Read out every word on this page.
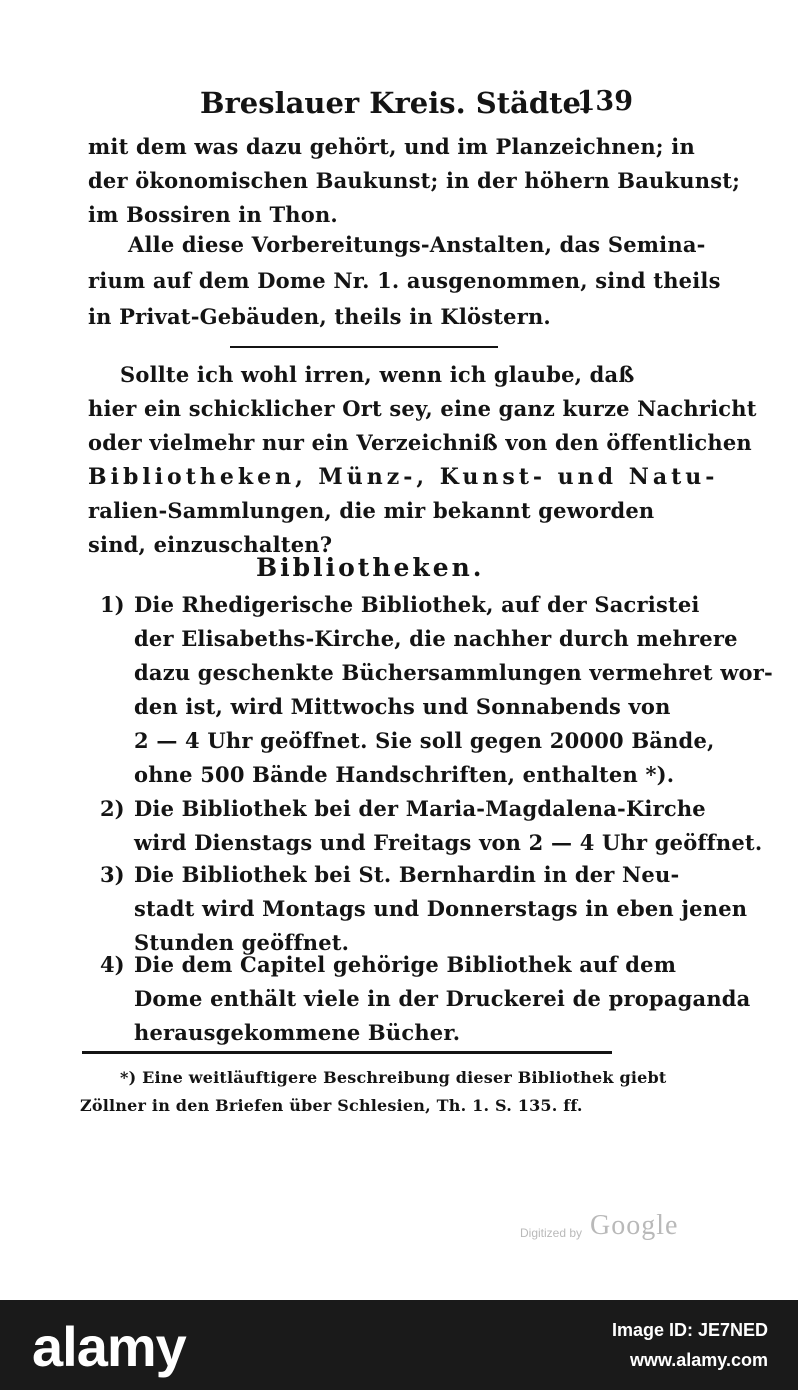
Breslauer Kreis. Städte.
139
mit dem was dazu gehört, und im Planzeichnen; in
der ökonomischen Baukunst; in der höhern Baukunst;
im Bossiren in Thon.
Alle diese Vorbereitungs-Anstalten, das Semina-
rium auf dem Dome Nr. 1. ausgenommen, sind theils
in Privat-Gebäuden, theils in Klöstern.
Sollte ich wohl irren, wenn ich glaube, daß
hier ein schicklicher Ort sey, eine ganz kurze Nachricht
oder vielmehr nur ein Verzeichniß von den öffentlichen
Bibliotheken, Münz-, Kunst- und Natu-
ralien-Sammlungen, die mir bekannt geworden
sind, einzuschalten?
Bibliotheken.
1) Die Rhedigerische Bibliothek, auf der Sacristei
der Elisabeths-Kirche, die nachher durch mehrere
dazu geschenkte Büchersammlungen vermehret wor-
den ist, wird Mittwochs und Sonnabends von
2 — 4 Uhr geöffnet. Sie soll gegen 20000 Bände,
ohne 500 Bände Handschriften, enthalten *).
2) Die Bibliothek bei der Maria-Magdalena-Kirche
wird Dienstags und Freitags von 2 — 4 Uhr geöffnet.
3) Die Bibliothek bei St. Bernhardin in der Neu-
stadt wird Montags und Donnerstags in eben jenen
Stunden geöffnet.
4) Die dem Capitel gehörige Bibliothek auf dem
Dome enthält viele in der Druckerei de propaganda
herausgekommene Bücher.
*) Eine weitläuftigere Beschreibung dieser Bibliothek giebt
Zöllner in den Briefen über Schlesien, Th. 1. S. 135. ff.
Digitized by Google
alamy	Image ID: JE7NED
www.alamy.com
